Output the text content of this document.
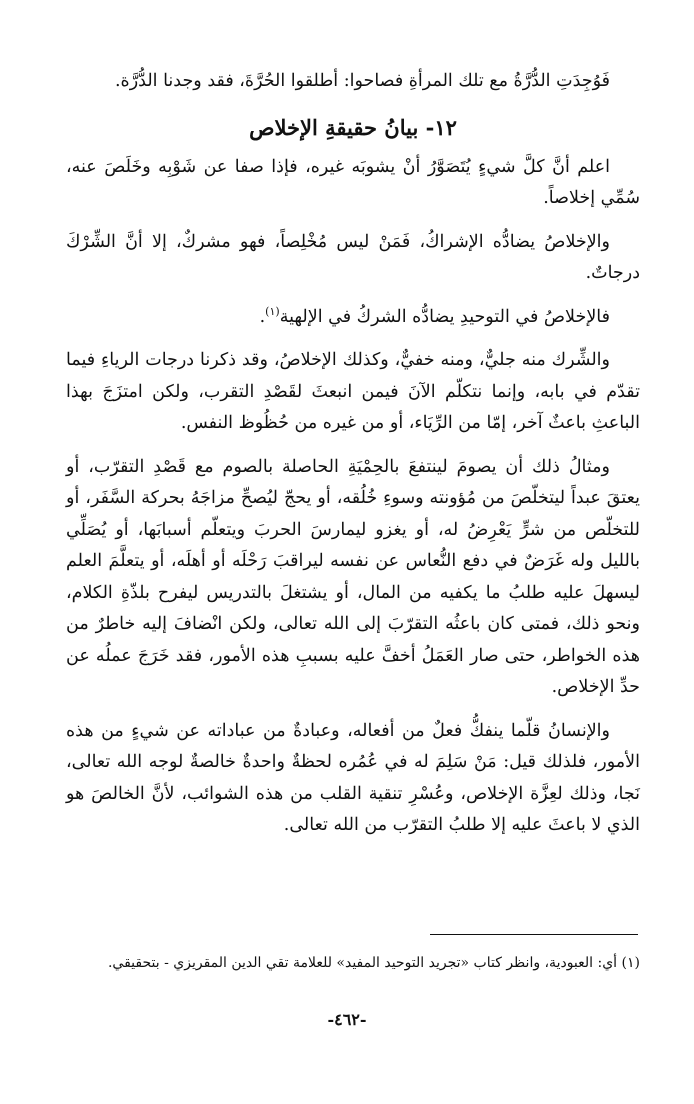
فَوُجِدَتِ الدُّرَّةُ مع تلك المرأةِ فصاحوا: أطلقوا الحُرَّةَ، فقد وجدنا الدُّرَّة.

١٢- بيانُ حقيقةِ الإخلاص

اعلم أنَّ كلَّ شيءٍ يُتَصَوَّرُ أنْ يشوبَه غيره، فإذا صفا عن شَوْبِه وخَلَصَ عنه، سُمِّي إخلاصاً.

والإخلاصُ يضادُّه الإشراكُ، فَمَنْ ليس مُخْلِصاً، فهو مشركٌ، إلا أنَّ الشِّرْكَ درجاتٌ.

فالإخلاصُ في التوحيدِ يضادُّه الشركُ في الإلهية$^{(١)}$.

والشِّرك منه جليٌّ، ومنه خفيٌّ، وكذلك الإخلاصُ، وقد ذكرنا درجات الرياءِ فيما تقدّم في بابه، وإنما نتكلّم الآنَ فيمن انبعثَ لقَصْدِ التقرب، ولكن امتزَجَ بهذا الباعثِ باعثٌ آخر، إمّا من الرِّيَاء، أو من غيره من حُظُوظ النفس.

ومثالُ ذلك أن يصومَ لينتفعَ بالحِمْيَةِ الحاصلة بالصوم مع قَصْدِ التقرّب، أو يعتقَ عبداً ليتخلّصَ من مُؤونته وسوءِ خُلُقه، أو يحجّ ليُصحِّ مزاجَهُ بحركة السَّفَر، أو للتخلّص من شرٍّ يَعْرِضُ له، أو يغزو ليمارسَ الحربَ ويتعلّم أسبابَها، أو يُصَلِّي بالليل وله غَرَضٌ في دفع النُّعاس عن نفسه ليراقبَ رَحْلَه أو أهلَه، أو يتعلَّمَ العلم ليسهلَ عليه طلبُ ما يكفيه من المال، أو يشتغلَ بالتدريس ليفرح بلذّةِ الكلام، ونحو ذلك، فمتى كان باعثُه التقرّبَ إلى الله تعالى، ولكن انْضافَ إليه خاطرٌ من هذه الخواطر، حتى صار العَمَلُ أخفَّ عليه بسببِ هذه الأمور، فقد خَرَجَ عملُه عن حدِّ الإخلاص.

والإنسانُ قلّما ينفكُّ فعلٌ من أفعاله، وعبادةٌ من عباداته عن شيءٍ من هذه الأمور، فلذلك قيل: مَنْ سَلِمَ له في عُمُره لحظةٌ واحدةٌ خالصةٌ لوجه الله تعالى، نَجا، وذلك لعِزَّة الإخلاص، وعُسْرِ تنقية القلب من هذه الشوائب، لأنَّ الخالصَ هو الذي لا باعثَ عليه إلا طلبُ التقرّب من الله تعالى.

(١) أي: العبودية، وانظر كتاب «تجريد التوحيد المفيد» للعلامة تقي الدين المقريزي - بتحقيقي.
-٤٦٢-
